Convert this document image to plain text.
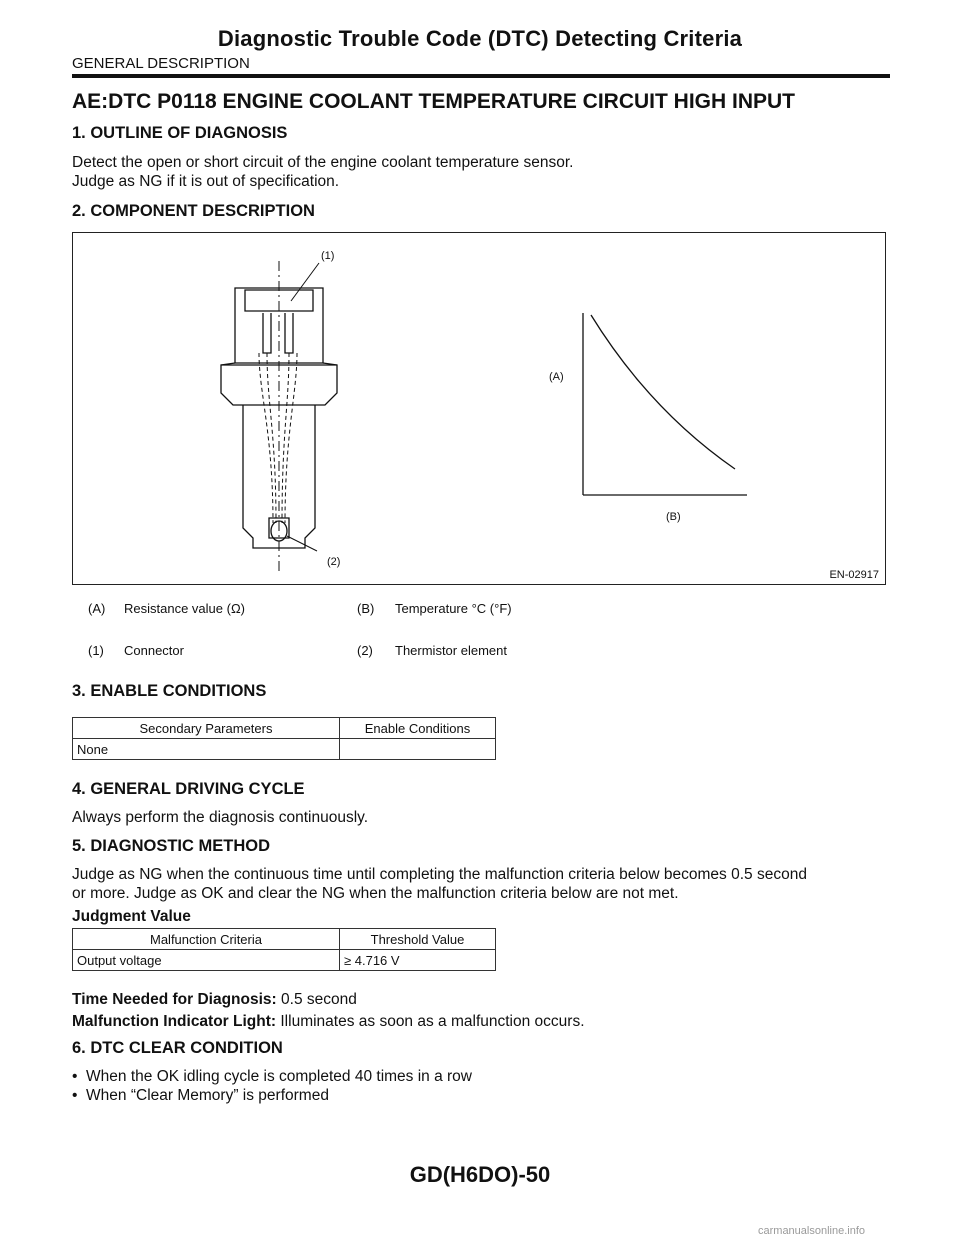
Diagnostic Trouble Code (DTC) Detecting Criteria
GENERAL DESCRIPTION
AE:DTC P0118 ENGINE COOLANT TEMPERATURE CIRCUIT HIGH INPUT
1. OUTLINE OF DIAGNOSIS
Detect the open or short circuit of the engine coolant temperature sensor.
Judge as NG if it is out of specification.
2. COMPONENT DESCRIPTION
(1)
(2)
(A)
(B)
EN-02917
(A) Resistance value (Ω)	(B) Temperature °C (°F)
(1) Connector	(2) Thermistor element
3. ENABLE CONDITIONS
Secondary Parameters	Enable Conditions
None	
4. GENERAL DRIVING CYCLE
Always perform the diagnosis continuously.
5. DIAGNOSTIC METHOD
Judge as NG when the continuous time until completing the malfunction criteria below becomes 0.5 second
or more. Judge as OK and clear the NG when the malfunction criteria below are not met.
Judgment Value
Malfunction Criteria	Threshold Value
Output voltage	≥ 4.716 V
Time Needed for Diagnosis: 0.5 second
Malfunction Indicator Light: Illuminates as soon as a malfunction occurs.
6. DTC CLEAR CONDITION
•  When the OK idling cycle is completed 40 times in a row
•  When “Clear Memory” is performed
GD(H6DO)-50
carmanualsonline.info
